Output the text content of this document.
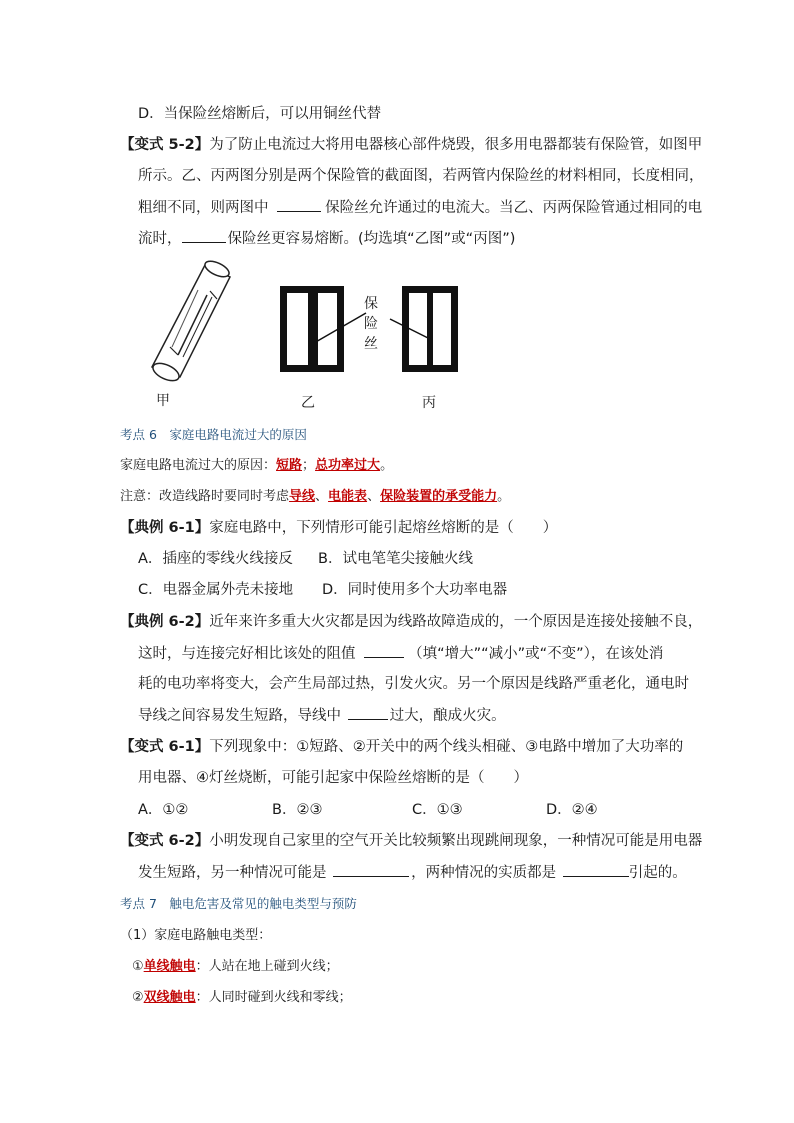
D．当保险丝熔断后，可以用铜丝代替
【变式 5-2】为了防止电流过大将用电器核心部件烧毁，很多用电器都装有保险管，如图甲
所示。乙、丙两图分别是两个保险管的截面图，若两管内保险丝的材料相同，长度相同，
粗细不同，则两图中	保险丝允许通过的电流大。当乙、丙两保险管通过相同的电
流时，	保险丝更容易熔断。(均选填“乙图”或“丙图”)
保
险
丝
甲	乙	丙
考点 6　家庭电路电流过大的原因
家庭电路电流过大的原因：短路；总功率过大。
注意：改造线路时要同时考虑导线、电能表、保险装置的承受能力。
【典例 6-1】家庭电路中，下列情形可能引起熔丝熔断的是（　　）
A．插座的零线火线接反 B．试电笔笔尖接触火线
C．电器金属外壳未接地 D．同时使用多个大功率电器
【典例 6-2】近年来许多重大火灾都是因为线路故障造成的，一个原因是连接处接触不良，
这时，与连接完好相比该处的阻值	（填“增大”“减小”或“不变”），在该处消
耗的电功率将变大，会产生局部过热，引发火灾。另一个原因是线路严重老化，通电时
导线之间容易发生短路，导线中	过大，酿成火灾。
【变式 6-1】下列现象中：①短路、②开关中的两个线头相碰、③电路中增加了大功率的
用电器、④灯丝烧断，可能引起家中保险丝熔断的是（　　）
A．①②	B．②③	C．①③	D．②④
【变式 6-2】小明发现自己家里的空气开关比较频繁出现跳闸现象，一种情况可能是用电器
发生短路，另一种情况可能是	，两种情况的实质都是	引起的。
考点 7　触电危害及常见的触电类型与预防
（1）家庭电路触电类型：
①单线触电：人站在地上碰到火线；
②双线触电：人同时碰到火线和零线；
